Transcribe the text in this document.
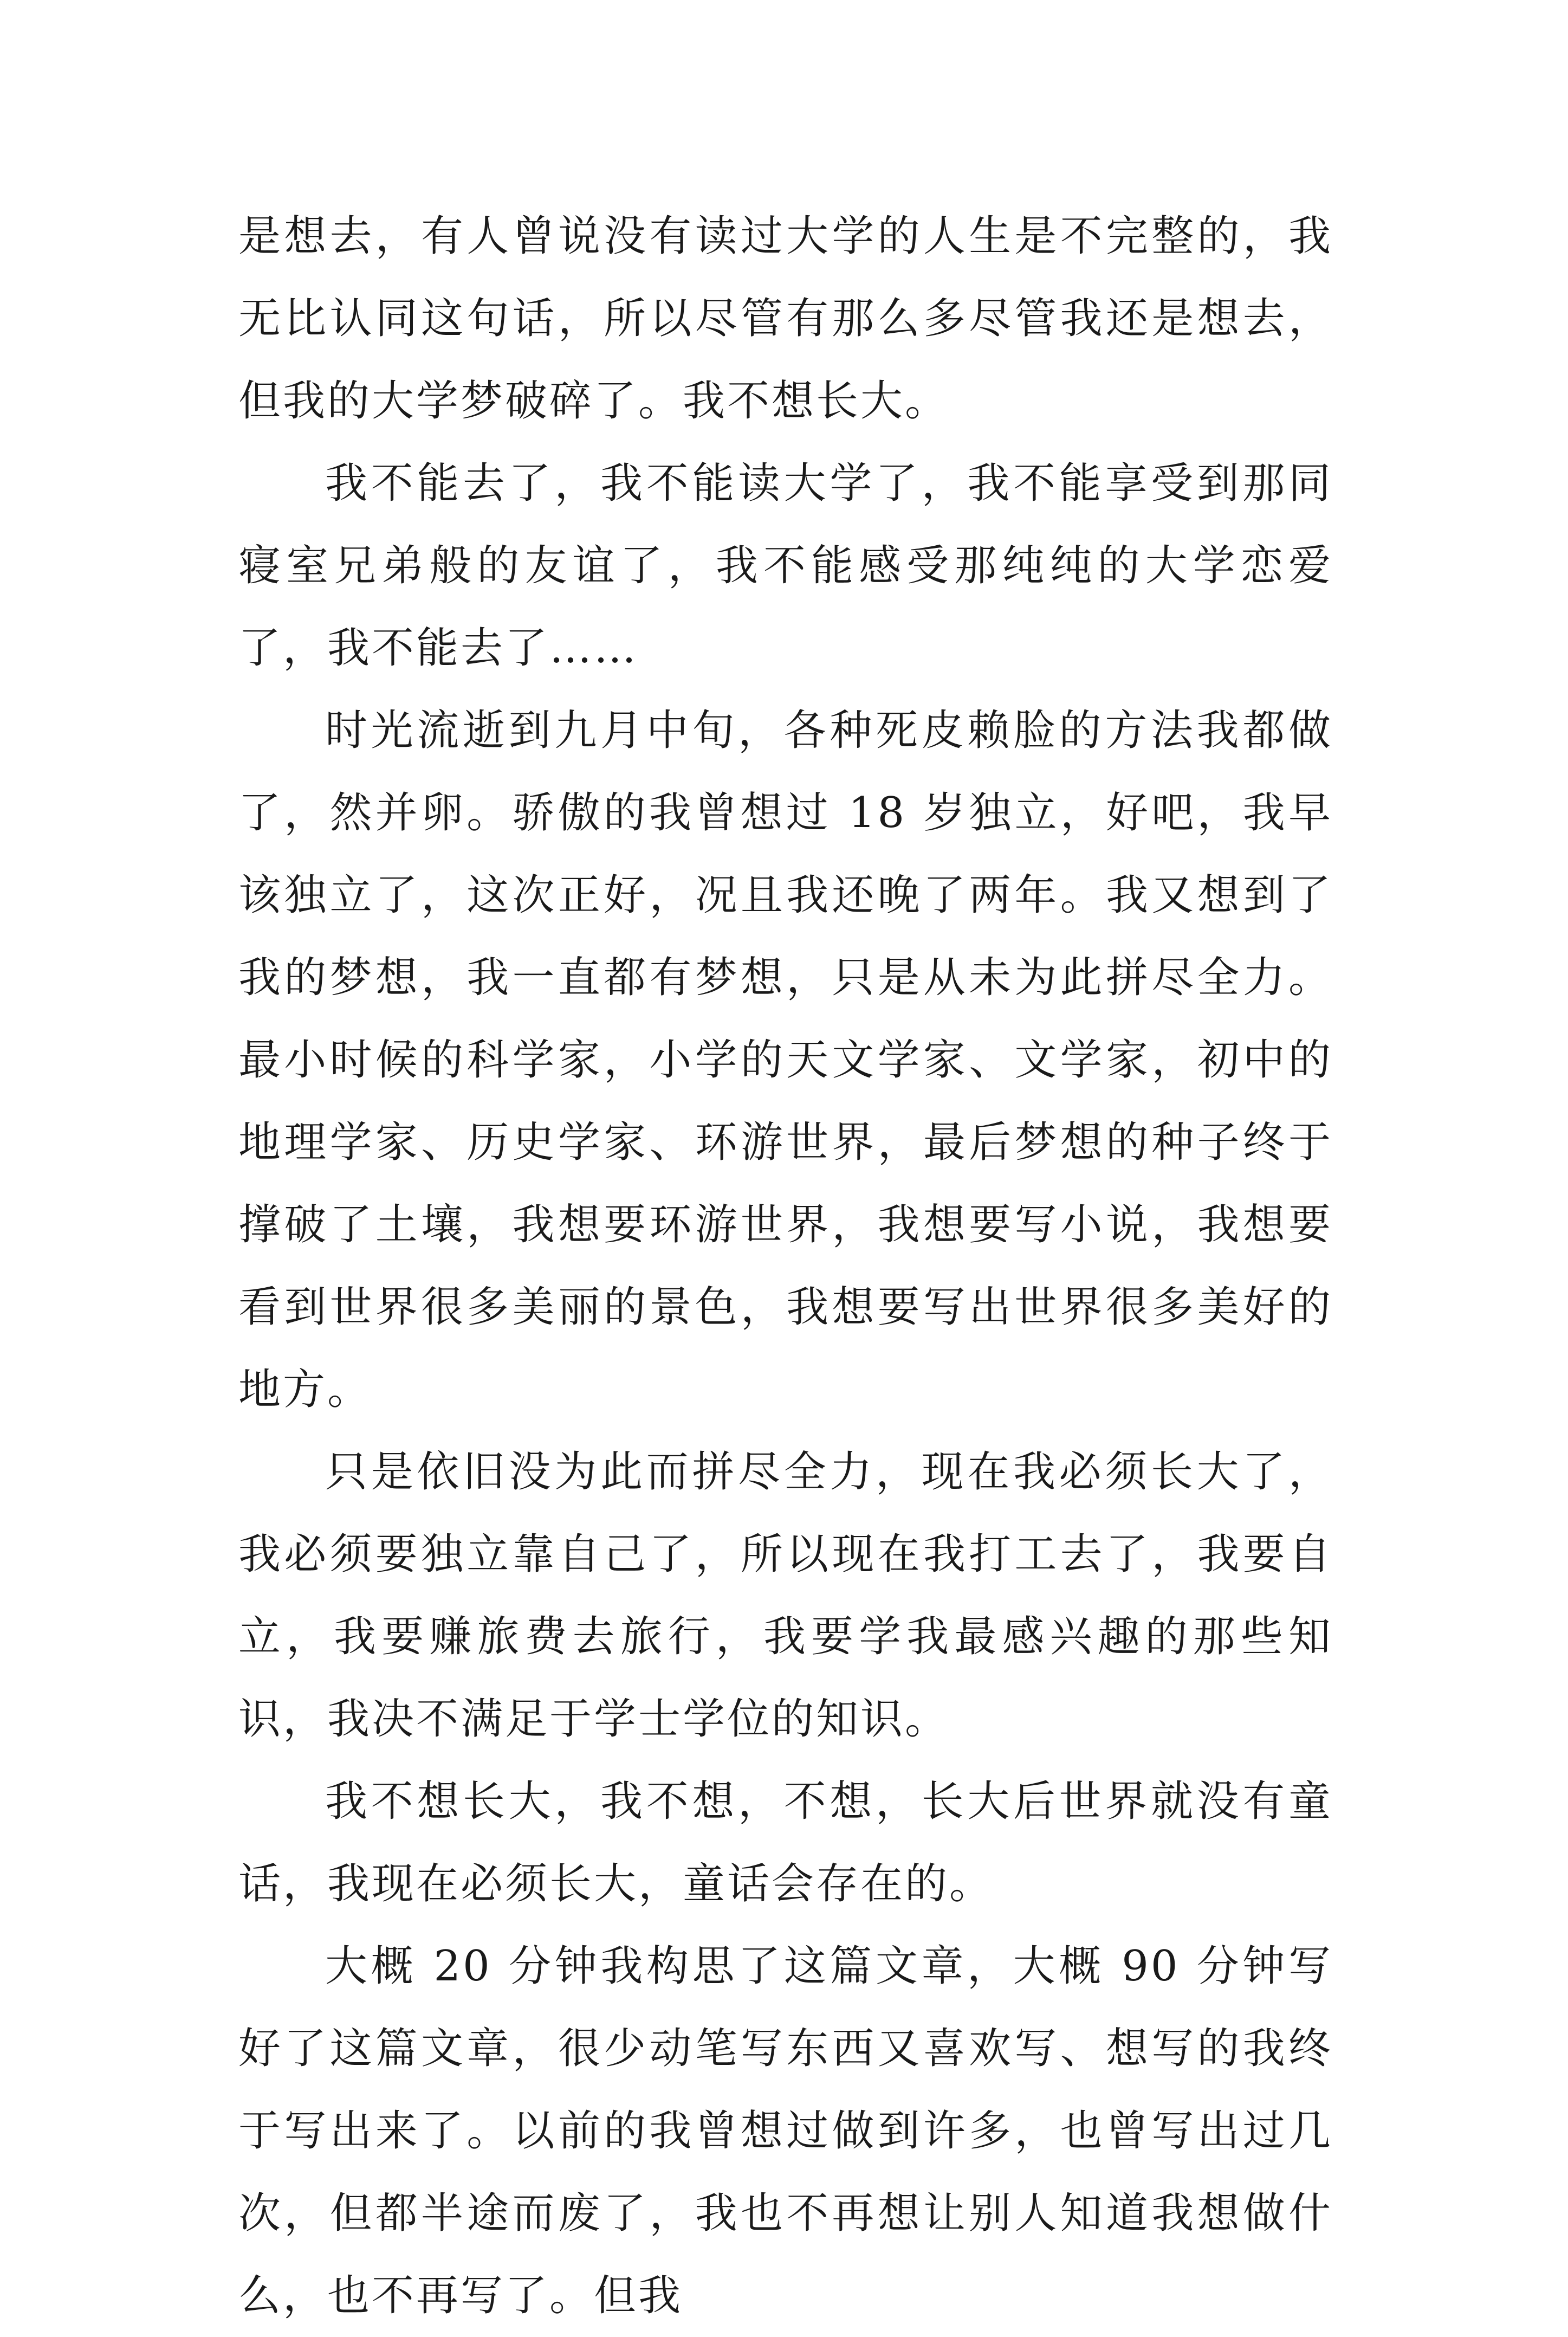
是想去，有人曾说没有读过大学的人生是不完整的，我无比认同这句话，所以尽管有那么多尽管我还是想去，但我的大学梦破碎了。我不想长大。

我不能去了，我不能读大学了，我不能享受到那同寝室兄弟般的友谊了，我不能感受那纯纯的大学恋爱了，我不能去了……

时光流逝到九月中旬，各种死皮赖脸的方法我都做了，然并卵。骄傲的我曾想过 18 岁独立，好吧，我早该独立了，这次正好，况且我还晚了两年。我又想到了我的梦想，我一直都有梦想，只是从未为此拼尽全力。最小时候的科学家，小学的天文学家、文学家，初中的地理学家、历史学家、环游世界，最后梦想的种子终于撑破了土壤，我想要环游世界，我想要写小说，我想要看到世界很多美丽的景色，我想要写出世界很多美好的地方。

只是依旧没为此而拼尽全力，现在我必须长大了，我必须要独立靠自己了，所以现在我打工去了，我要自立，我要赚旅费去旅行，我要学我最感兴趣的那些知识，我决不满足于学士学位的知识。

我不想长大，我不想，不想，长大后世界就没有童话，我现在必须长大，童话会存在的。

大概 20 分钟我构思了这篇文章，大概 90 分钟写好了这篇文章，很少动笔写东西又喜欢写、想写的我终于写出来了。以前的我曾想过做到许多，也曾写出过几次，但都半途而废了，我也不再想让别人知道我想做什么，也不再写了。但我
